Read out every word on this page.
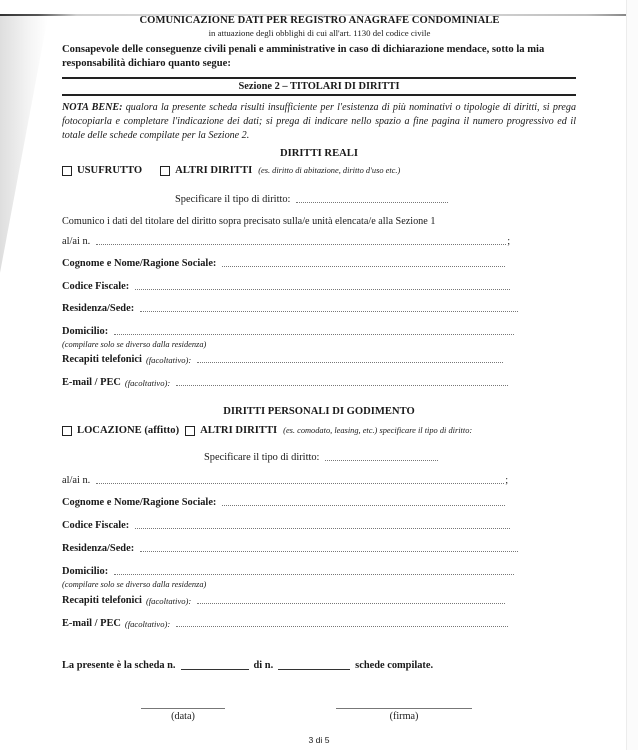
COMUNICAZIONE DATI PER REGISTRO ANAGRAFE CONDOMINIALE
in attuazione degli obblighi di cui all'art. 1130 del codice civile
Consapevole delle conseguenze civili penali e amministrative in caso di dichiarazione mendace, sotto la mia responsabilità dichiaro quanto segue:
Sezione 2 – TITOLARI DI DIRITTI
NOTA BENE: qualora la presente scheda risulti insufficiente per l'esistenza di più nominativi o tipologie di diritti, si prega fotocopiarla e completare l'indicazione dei dati; si prega di indicare nello spazio a fine pagina il numero progressivo ed il totale delle schede compilate per la Sezione 2.
DIRITTI REALI
USUFRUTTO	ALTRI DIRITTI (es. diritto di abitazione, diritto d'uso etc.)
Specificare il tipo di diritto:
Comunico i dati del titolare del diritto sopra precisato sulla/e unità elencata/e alla Sezione 1
al/ai n.	;
Cognome e Nome/Ragione Sociale:
Codice Fiscale:
Residenza/Sede:
Domicilio:
(compilare solo se diverso dalla residenza)
Recapiti telefonici (facoltativo):
E-mail / PEC (facoltativo):
DIRITTI PERSONALI DI GODIMENTO
LOCAZIONE (affitto) ALTRI DIRITTI (es. comodato, leasing, etc.) specificare il tipo di diritto:
Specificare il tipo di diritto:
al/ai n.	;
Cognome e Nome/Ragione Sociale:
Codice Fiscale:
Residenza/Sede:
Domicilio:
(compilare solo se diverso dalla residenza)
Recapiti telefonici (facoltativo):
E-mail / PEC (facoltativo):
La presente è la scheda n.	di n.	schede compilate.
(data)	(firma)
3 di 5
